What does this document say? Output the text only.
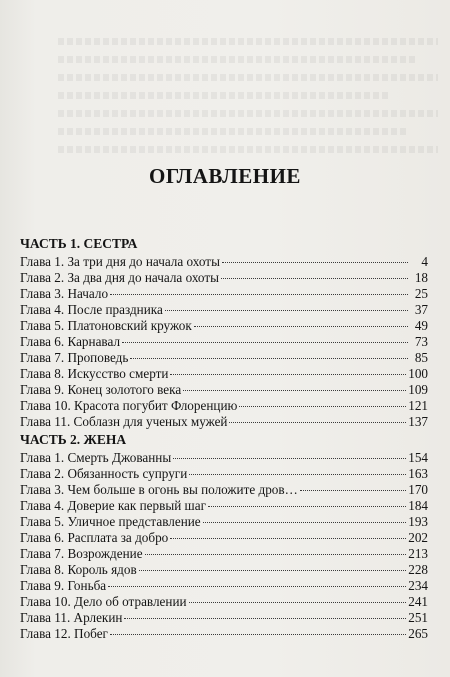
ОГЛАВЛЕНИЕ
ЧАСТЬ 1. СЕСТРА
Глава 1. За три дня до начала охоты	4
Глава 2. За два дня до начала охоты	18
Глава 3. Начало	25
Глава 4. После праздника	37
Глава 5. Платоновский кружок	49
Глава 6. Карнавал	73
Глава 7. Проповедь	85
Глава 8. Искусство смерти	100
Глава 9. Конец золотого века	109
Глава 10. Красота погубит Флоренцию	121
Глава 11. Соблазн для ученых мужей	137
ЧАСТЬ 2. ЖЕНА
Глава 1. Смерть Джованны	154
Глава 2. Обязанность супруги	163
Глава 3. Чем больше в огонь вы положите дров…	170
Глава 4. Доверие как первый шаг	184
Глава 5. Уличное представление	193
Глава 6. Расплата за добро	202
Глава 7. Возрождение	213
Глава 8. Король ядов	228
Глава 9. Гоньба	234
Глава 10. Дело об отравлении	241
Глава 11. Арлекин	251
Глава 12. Побег	265
